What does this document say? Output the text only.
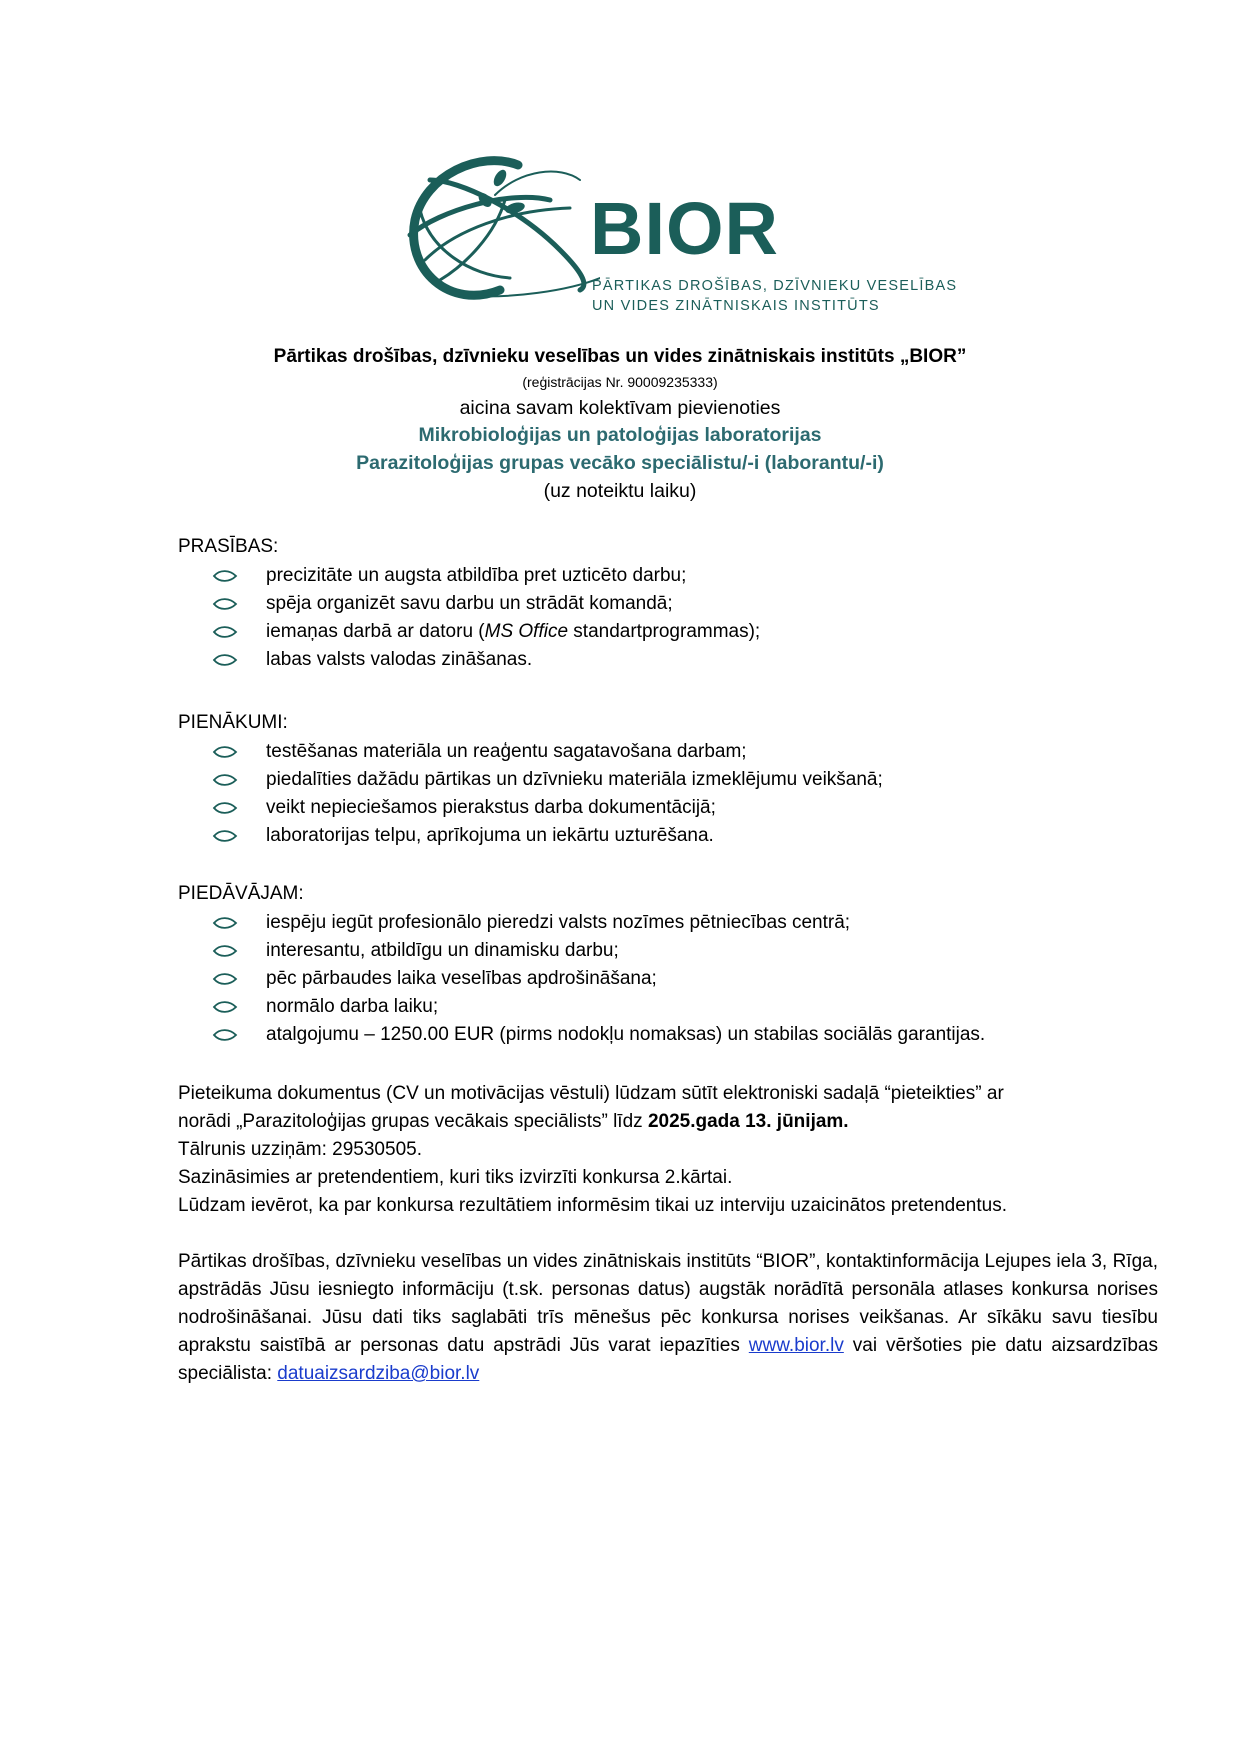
BIOR
PĀRTIKAS DROŠĪBAS, DZĪVNIEKU VESELĪBAS
UN VIDES ZINĀTNISKAIS INSTITŪTS
Pārtikas drošības, dzīvnieku veselības un vides zinātniskais institūts „BIOR”
(reģistrācijas Nr. 90009235333)
aicina savam kolektīvam pievienoties
Mikrobioloģijas un patoloģijas laboratorijas
Parazitoloģijas grupas vecāko speciālistu/-i (laborantu/-i)
(uz noteiktu laiku)
PRASĪBAS:
precizitāte un augsta atbildība pret uzticēto darbu;
spēja organizēt savu darbu un strādāt komandā;
iemaņas darbā ar datoru (MS Office standartprogrammas);
labas valsts valodas zināšanas.
PIENĀKUMI:
testēšanas materiāla un reaģentu sagatavošana darbam;
piedalīties dažādu pārtikas un dzīvnieku materiāla izmeklējumu veikšanā;
veikt nepieciešamos pierakstus darba dokumentācijā;
laboratorijas telpu, aprīkojuma un iekārtu uzturēšana.
PIEDĀVĀJAM:
iespēju iegūt profesionālo pieredzi valsts nozīmes pētniecības centrā;
interesantu, atbildīgu un dinamisku darbu;
pēc pārbaudes laika veselības apdrošināšana;
normālo darba laiku;
atalgojumu – 1250.00 EUR (pirms nodokļu nomaksas) un stabilas sociālās garantijas.

Pieteikuma dokumentus (CV un motivācijas vēstuli) lūdzam sūtīt elektroniski sadaļā “pieteikties” ar

norādi „Parazitoloģijas grupas vecākais speciālists” līdz 2025.gada 13. jūnijam.

Tālrunis uzziņām: 29530505.

Sazināsimies ar pretendentiem, kuri tiks izvirzīti konkursa 2.kārtai.

Lūdzam ievērot, ka par konkursa rezultātiem informēsim tikai uz interviju uzaicinātos pretendentus.

Pārtikas drošības, dzīvnieku veselības un vides zinātniskais institūts “BIOR”, kontaktinformācija Lejupes iela 3, Rīga, apstrādās Jūsu iesniegto informāciju (t.sk. personas datus) augstāk norādītā personāla atlases konkursa norises nodrošināšanai. Jūsu dati tiks saglabāti trīs mēnešus pēc konkursa norises veikšanas. Ar sīkāku savu tiesību aprakstu saistībā ar personas datu apstrādi Jūs varat iepazīties www.bior.lv vai vēršoties pie datu aizsardzības speciālista: datuaizsardziba@bior.lv
